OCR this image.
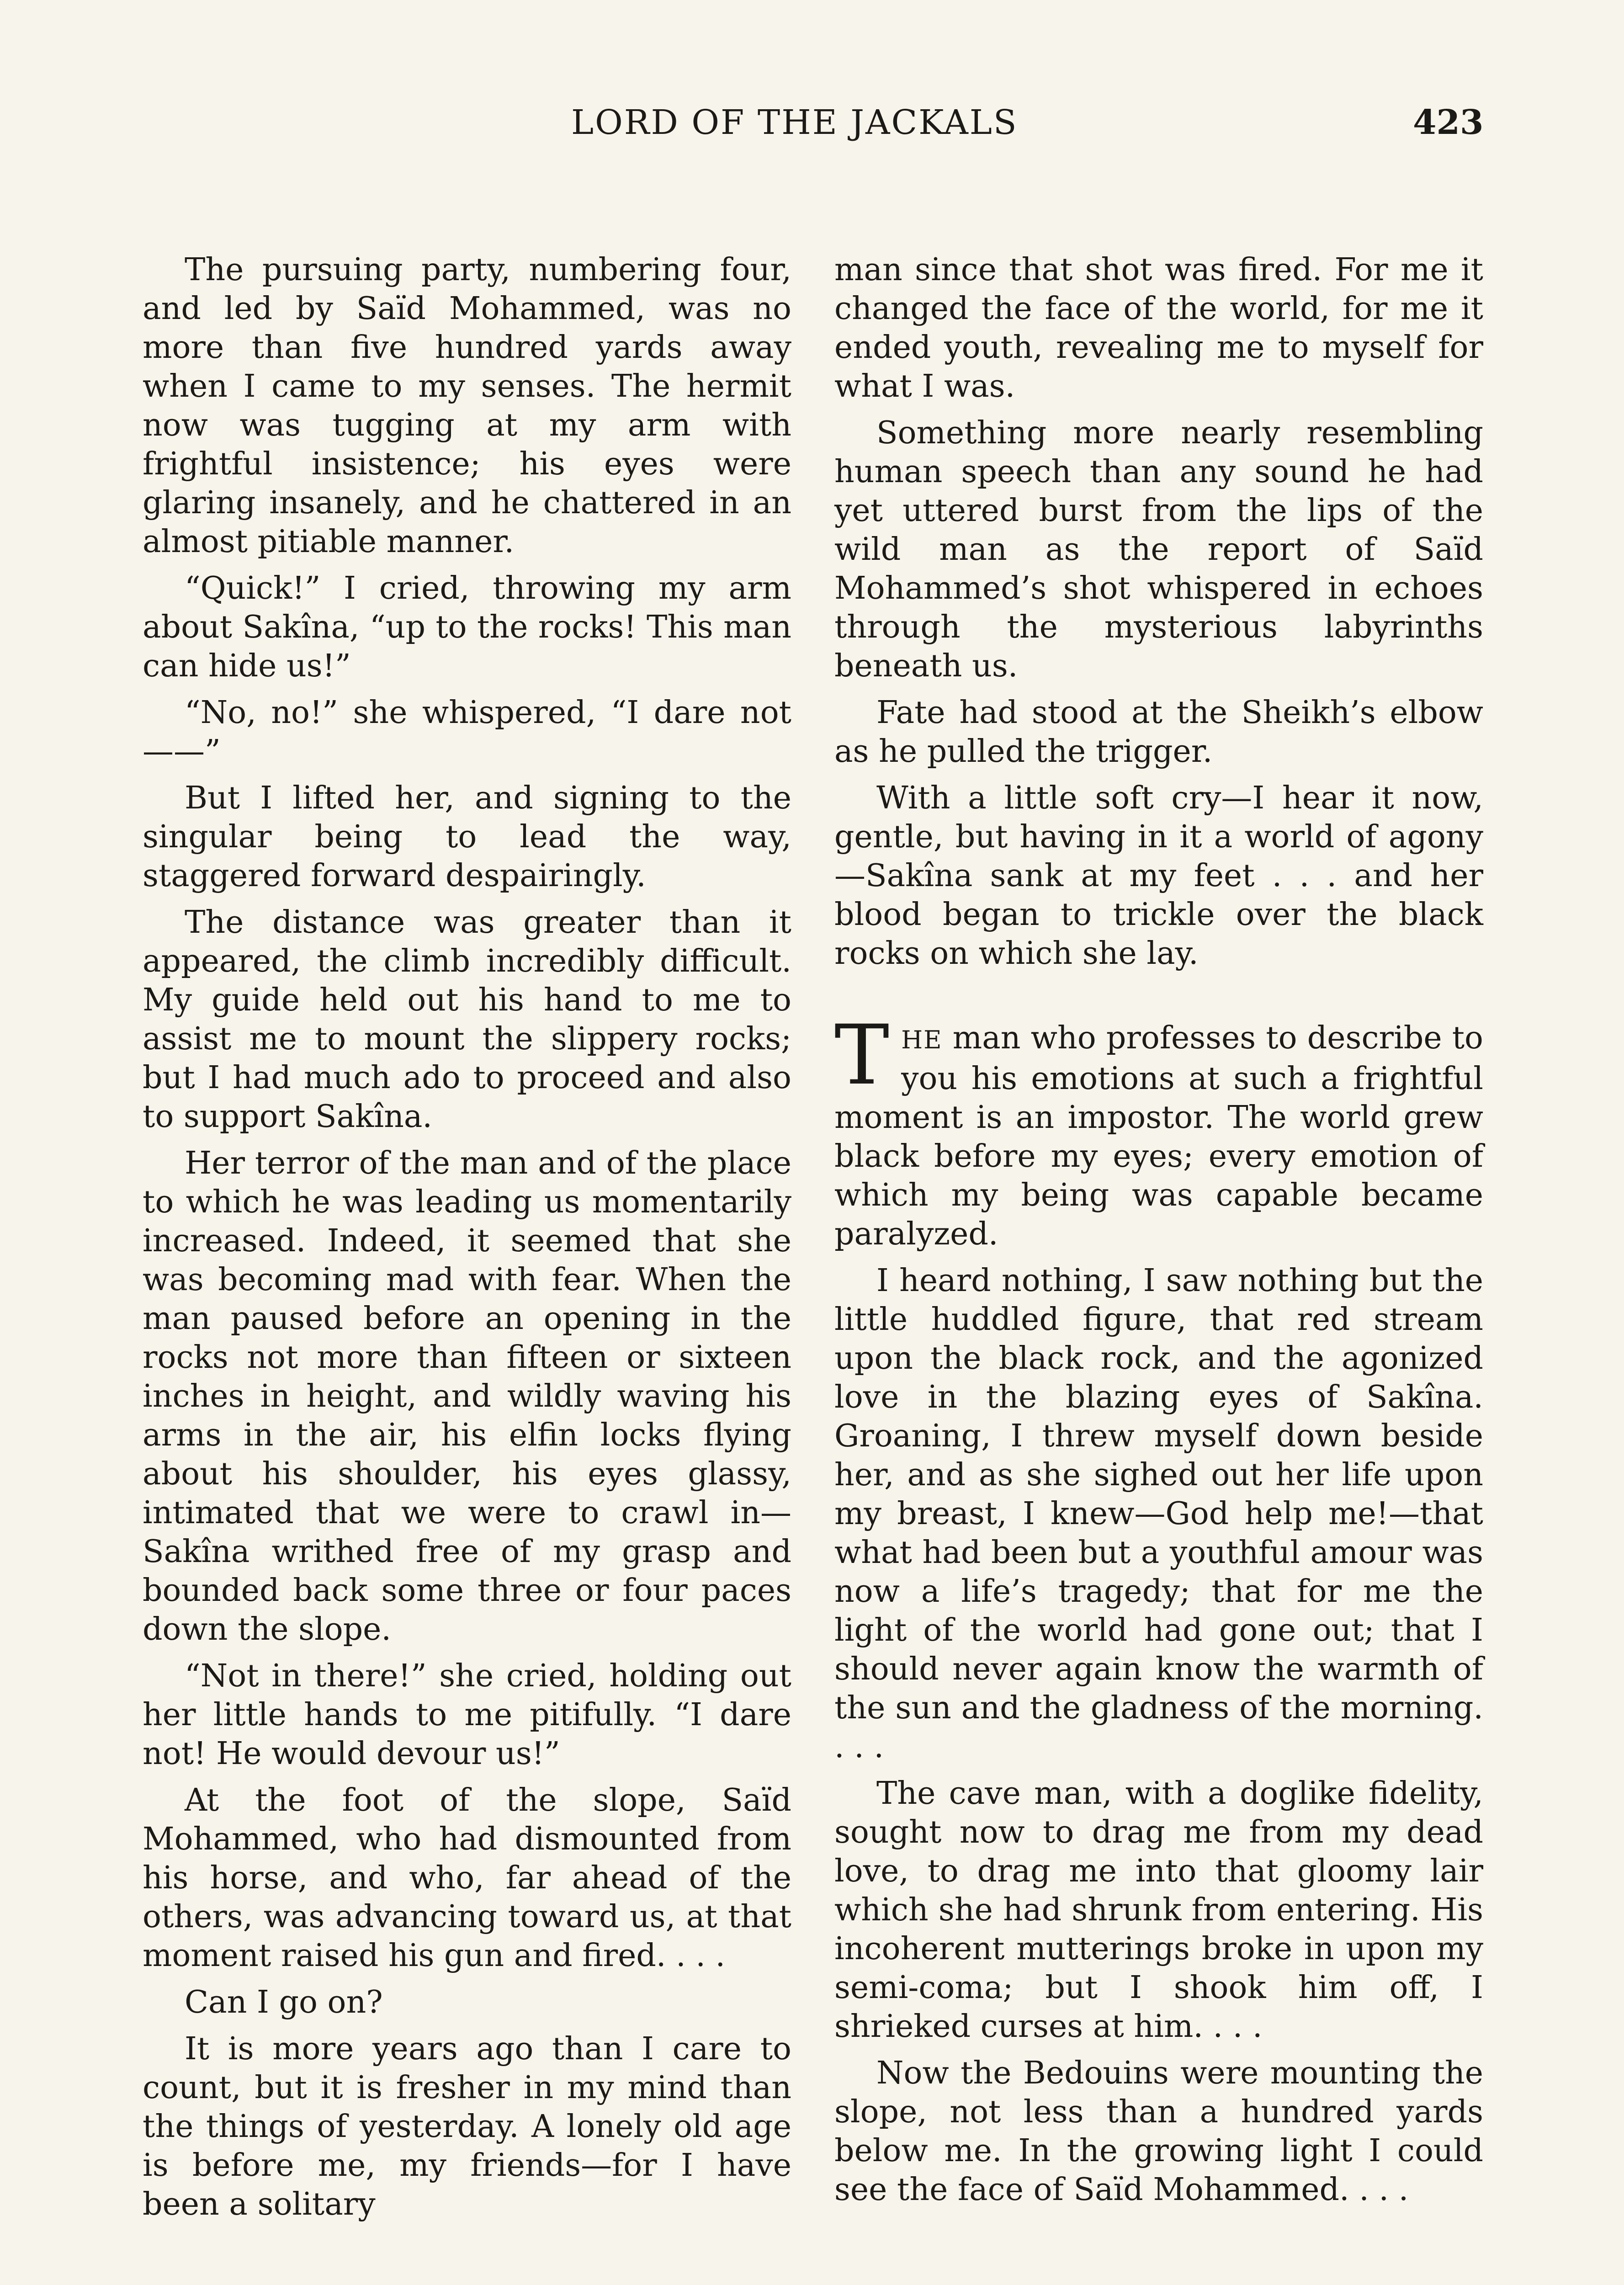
LORD OF THE JACKALS	423

The pursuing party, numbering four, and led by Saïd Mohammed, was no more than five hundred yards away when I came to my senses. The hermit now was tugging at my arm with frightful insistence; his eyes were glaring insanely, and he chattered in an almost pitiable manner.

“Quick!” I cried, throwing my arm about Sakîna, “up to the rocks! This man can hide us!”

“No, no!” she whispered, “I dare not——”

But I lifted her, and signing to the singular being to lead the way, staggered forward despairingly.

The distance was greater than it appeared, the climb incredibly difficult. My guide held out his hand to me to assist me to mount the slippery rocks; but I had much ado to proceed and also to support Sakîna.

Her terror of the man and of the place to which he was leading us momentarily increased. Indeed, it seemed that she was becoming mad with fear. When the man paused before an opening in the rocks not more than fifteen or sixteen inches in height, and wildly waving his arms in the air, his elfin locks flying about his shoulder, his eyes glassy, intimated that we were to crawl in—Sakîna writhed free of my grasp and bounded back some three or four paces down the slope.

“Not in there!” she cried, holding out her little hands to me pitifully. “I dare not! He would devour us!”

At the foot of the slope, Saïd Mohammed, who had dismounted from his horse, and who, far ahead of the others, was advancing toward us, at that moment raised his gun and fired. . . .

Can I go on?

It is more years ago than I care to count, but it is fresher in my mind than the things of yesterday. A lonely old age is before me, my friends—for I have been a solitary

man since that shot was fired. For me it changed the face of the world, for me it ended youth, revealing me to myself for what I was.

Something more nearly resembling human speech than any sound he had yet uttered burst from the lips of the wild man as the report of Saïd Mohammed’s shot whispered in echoes through the mysterious labyrinths beneath us.

Fate had stood at the Sheikh’s elbow as he pulled the trigger.

With a little soft cry—I hear it now, gentle, but having in it a world of agony—Sakîna sank at my feet . . . and her blood began to trickle over the black rocks on which she lay.

THE man who professes to describe to you his emotions at such a frightful moment is an impostor. The world grew black before my eyes; every emotion of which my being was capable became paralyzed.

I heard nothing, I saw nothing but the little huddled figure, that red stream upon the black rock, and the agonized love in the blazing eyes of Sakîna. Groaning, I threw myself down beside her, and as she sighed out her life upon my breast, I knew—God help me!—that what had been but a youthful amour was now a life’s tragedy; that for me the light of the world had gone out; that I should never again know the warmth of the sun and the gladness of the morning. . . .

The cave man, with a doglike fidelity, sought now to drag me from my dead love, to drag me into that gloomy lair which she had shrunk from entering. His incoherent mutterings broke in upon my semi-coma; but I shook him off, I shrieked curses at him. . . .

Now the Bedouins were mounting the slope, not less than a hundred yards below me. In the growing light I could see the face of Saïd Mohammed. . . .
